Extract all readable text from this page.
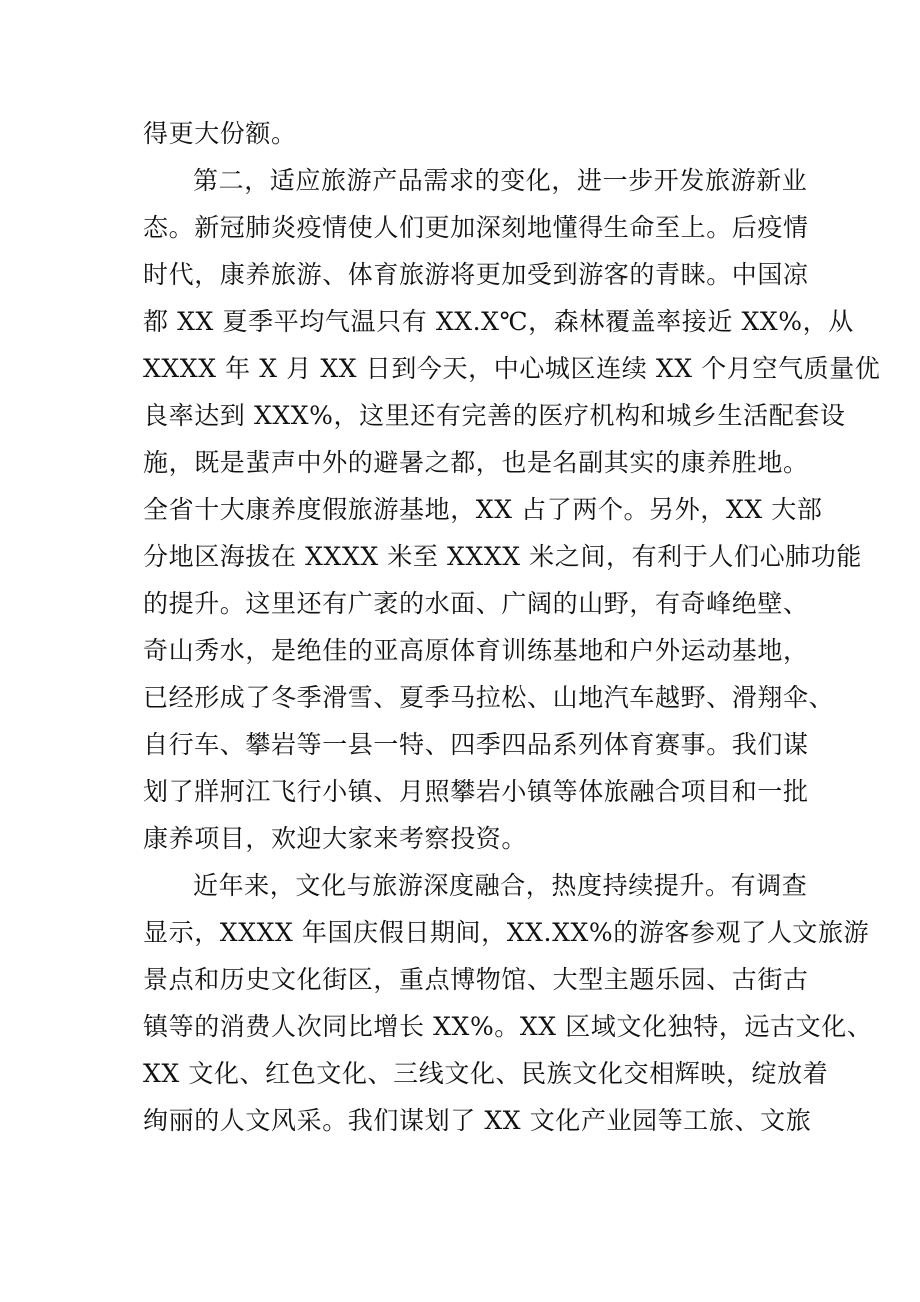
得更大份额。
第二，适应旅游产品需求的变化，进一步开发旅游新业
态。新冠肺炎疫情使人们更加深刻地懂得生命至上。后疫情
时代，康养旅游、体育旅游将更加受到游客的青睐。中国凉
都 XX 夏季平均气温只有 XX.X℃，森林覆盖率接近 XX%，从
XXXX 年 X 月 XX 日到今天，中心城区连续 XX 个月空气质量优
良率达到 XXX%，这里还有完善的医疗机构和城乡生活配套设
施，既是蜚声中外的避暑之都，也是名副其实的康养胜地。
全省十大康养度假旅游基地，XX 占了两个。另外，XX 大部
分地区海拔在 XXXX 米至 XXXX 米之间，有利于人们心肺功能
的提升。这里还有广袤的水面、广阔的山野，有奇峰绝壁、
奇山秀水，是绝佳的亚高原体育训练基地和户外运动基地，
已经形成了冬季滑雪、夏季马拉松、山地汽车越野、滑翔伞、
自行车、攀岩等一县一特、四季四品系列体育赛事。我们谋
划了牂牁江飞行小镇、月照攀岩小镇等体旅融合项目和一批
康养项目，欢迎大家来考察投资。
近年来，文化与旅游深度融合，热度持续提升。有调查
显示，XXXX 年国庆假日期间，XX.XX%的游客参观了人文旅游
景点和历史文化街区，重点博物馆、大型主题乐园、古街古
镇等的消费人次同比增长 XX%。XX 区域文化独特，远古文化、
XX 文化、红色文化、三线文化、民族文化交相辉映，绽放着
绚丽的人文风采。我们谋划了 XX 文化产业园等工旅、文旅
